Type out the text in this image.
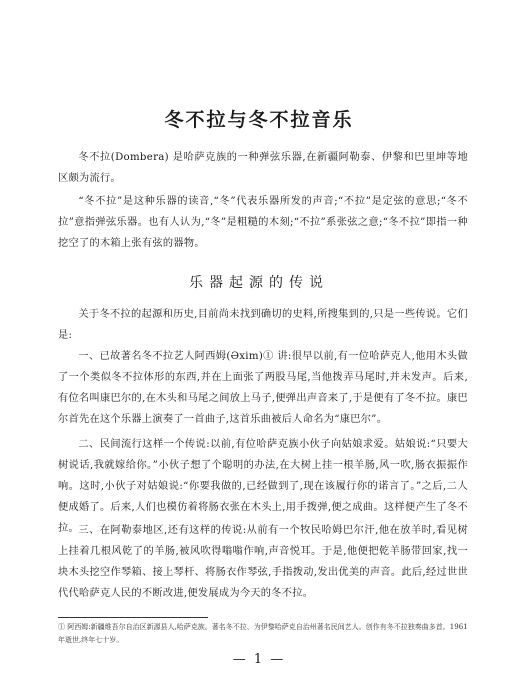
冬不拉与冬不拉音乐

冬不拉(Dombera) 是哈萨克族的一种弹弦乐器,在新疆阿勒泰、伊黎和巴里坤等地区颇为流行。

“冬不拉”是这种乐器的读音,“冬”代表乐器所发的声音;“不拉”是定弦的意思;“冬不拉”意指弹弦乐器。也有人认为,“冬”是粗糙的木刻;“不拉”系张弦之意;“冬不拉”即指一种挖空了的木箱上张有弦的器物。

乐器起源的传说

关于冬不拉的起源和历史,目前尚未找到确切的史料,所搜集到的,只是一些传说。它们是:

一、已故著名冬不拉艺人阿西姆(Əxim)① 讲:很早以前,有一位哈萨克人,他用木头做了一个类似冬不拉体形的东西,并在上面张了两股马尾,当他拨弄马尾时,并未发声。后来,有位名叫康巴尔的,在木头和马尾之间放上马子,便弹出声音来了,于是便有了冬不拉。康巴尔首先在这个乐器上演奏了一首曲子,这首乐曲被后人命名为“康巴尔”。

二、民间流行这样一个传说:以前,有位哈萨克族小伙子向姑娘求爱。姑娘说:“只要大树说话,我就嫁给你。”小伙子想了个聪明的办法,在大树上挂一根羊肠,风一吹,肠衣振振作响。这时,小伙子对姑娘说:“你要我做的,已经做到了,现在该履行你的诺言了。”之后,二人便成婚了。后来,人们也模仿着将肠衣张在木头上,用手拨弹,便之成曲。这样便产生了冬不拉。 三、在阿勒泰地区,还有这样的传说:从前有一个牧民哈姆巴尔汗,他在放羊时,看见树上挂着几根风乾了的羊肠,被风吹得嗡嗡作响,声音悦耳。于是,他便把乾羊肠带回家,找一块木头挖空作琴箱、接上琴杆、将肠衣作琴弦,手指拨动,发出优美的声音。此后,经过世世代代哈萨克人民的不断改进,便发展成为今天的冬不拉。

① 阿西姆:新疆维吾尔自治区新源县人,哈萨克族。著名冬不拉、为伊黎哈萨克自治州著名民间艺人。创作有冬不拉独奏曲多首。1961年逝世,终年七十岁。

— 1 —
